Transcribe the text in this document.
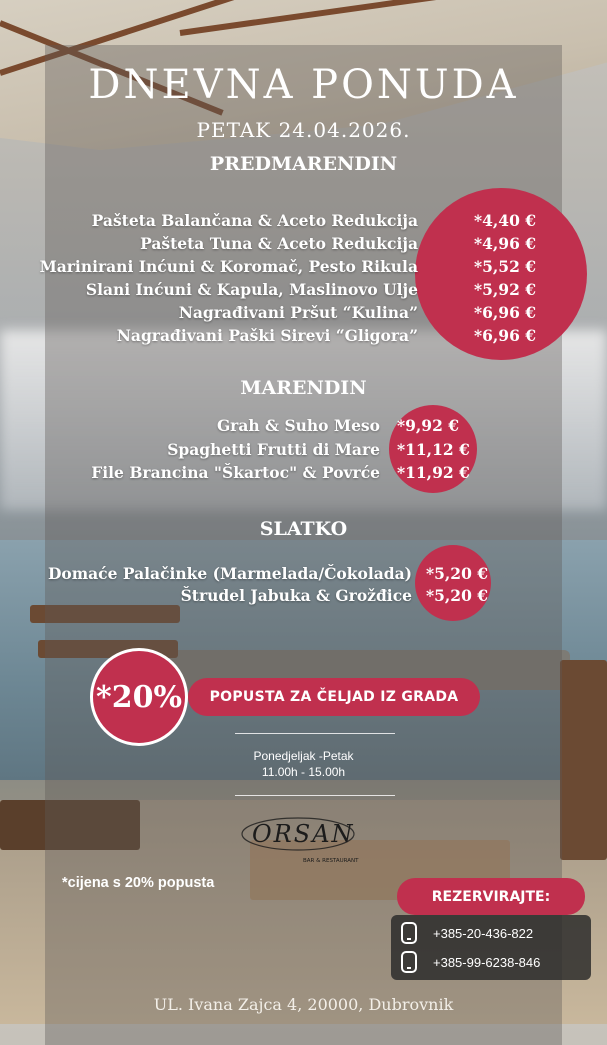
DNEVNA PONUDA
PETAK 24.04.2026.
PREDMARENDIN
Pašteta Balančana & Aceto Redukcija	*4,40 €
Pašteta Tuna & Aceto Redukcija	*4,96 €
Marinirani Inćuni & Koromač, Pesto Rikula	*5,52 €
Slani Inćuni & Kapula, Maslinovo Ulje	*5,92 €
Nagrađivani Pršut “Kulina”	*6,96 €
Nagrađivani Paški Sirevi “Gligora”	*6,96 €
MARENDIN
Grah & Suho Meso *9,92 €
Spaghetti Frutti di Mare *11,12 €
File Brancina "Škartoc" & Povrće *11,92 €
SLATKO
Domaće Palačinke (Marmelada/Čokolada) *5,20 €
Štrudel Jabuka & Grožđice *5,20 €
POPUSTA ZA ČELJAD IZ GRADA
*20%
Ponedjeljak -Petak
11.00h - 15.00h
ORSAN
BAR & RESTAURANT
*cijena s 20% popusta
REZERVIRAJTE:
+385-20-436-822
+385-99-6238-846
UL. Ivana Zajca 4, 20000, Dubrovnik
